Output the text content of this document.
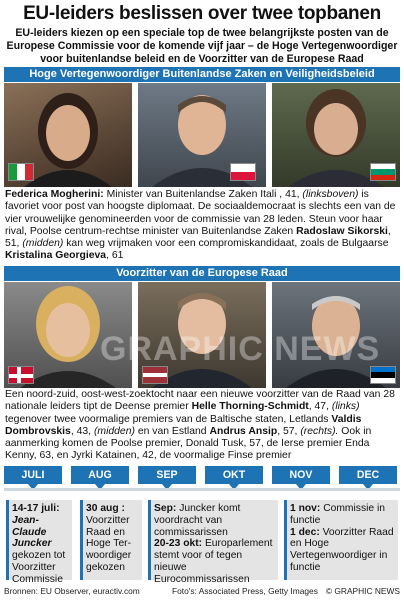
EU-leiders beslissen over twee topbanen
EU-leiders kiezen op een speciale top de twee belangrijkste posten van de Europese Commissie voor de komende vijf jaar – de Hoge Vertegenwoordiger voor buitenlandse beleid en de Voorzitter van de Europese Raad
Hoge Vertegenwoordiger Buitenlandse Zaken en Veiligheidsbeleid
Federica Mogherini: Minister van Buitenlandse Zaken Itali , 41, (linksboven) is favoriet voor post van hoogste diplomaat. De sociaaldemocraat is slechts een van de vier vrouwelijke genomineerden voor de commissie van 28 leden. Steun voor haar rival, Poolse centrum-rechtse minister van Buitenlandse Zaken Radoslaw Sikorski, 51, (midden) kan weg vrijmaken voor een compromiskandidaat, zoals de Bulgaarse Kristalina Georgieva, 61
Voorzitter van de Europese Raad
GRAPHIC NEWS
Een noord-zuid, oost-west-zoektocht naar een nieuwe voorzitter van de Raad van 28 nationale leiders tipt de Deense premier Helle Thorning-Schmidt, 47, (links) tegenover twee voormalige premiers van de Baltische staten, Letlands Valdis Dombrovskis, 43, (midden) en van Estland Andrus Ansip, 57, (rechts). Ook in aanmerking komen de Poolse premier, Donald Tusk, 57, de Ierse premier Enda Kenny, 63, en Jyrki Katainen, 42, de voormalige Finse premier
JULI	AUG	SEP	OKT	NOV	DEC
14-17 juli:
Jean-Claude Juncker gekozen tot Voorzitter Commissie
30 aug : Voorzitter Raad en Hoge Ter-woordiger gekozen
Sep: Juncker komt voordracht van commissarissen
20-23 okt: Europarlement stemt voor of tegen nieuwe Eurocommissarissen
1 nov: Commissie in functie
1 dec: Voorzitter Raad en Hoge Vertegenwoordiger in functie
Bronnen: EU Observer, euractiv.com	Foto's: Associated Press, Getty Images © GRAPHIC NEWS
